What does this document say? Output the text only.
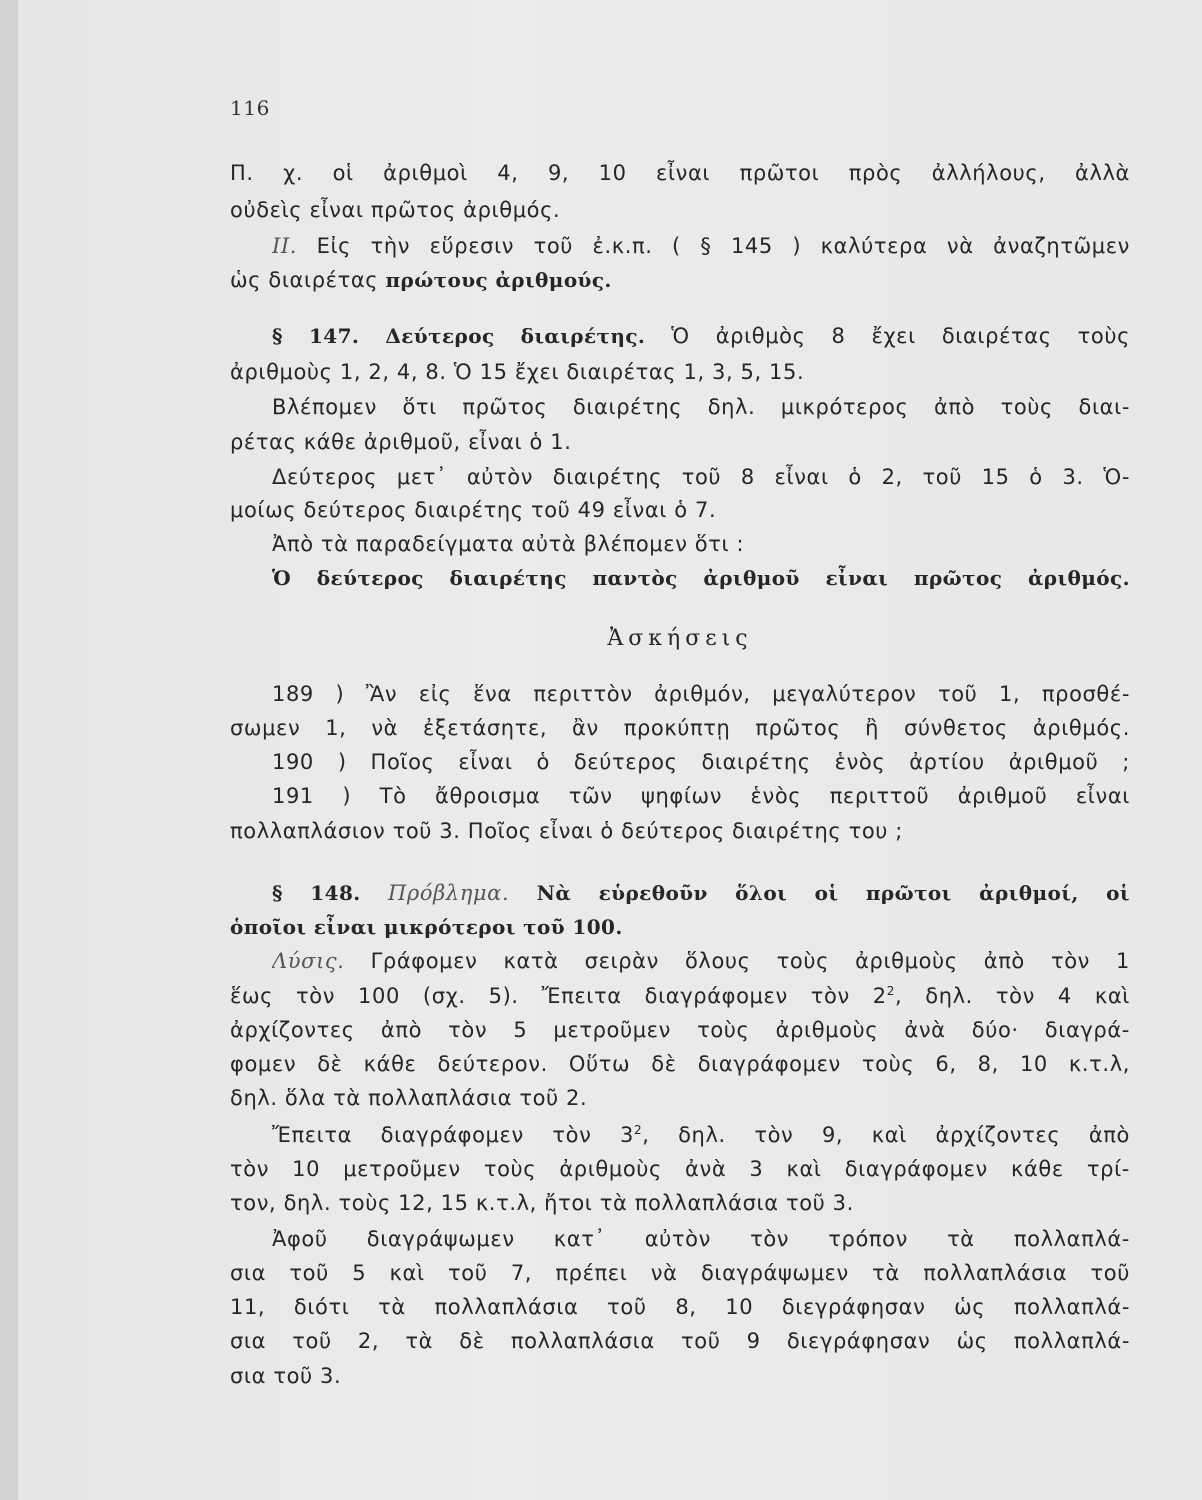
116
Π. χ. οἱ ἀριθμοὶ 4, 9, 10 εἶναι πρῶτοι πρὸς ἀλλήλους, ἀλλὰ
οὐδεὶς εἶναι πρῶτος ἀριθμός.
ΙΙ. Εἰς τὴν εὕρεσιν τοῦ ἐ.κ.π. ( § 145 ) καλύτερα νὰ ἀναζητῶμεν
ὡς διαιρέτας πρώτους ἀριθμούς.
§ 147. Δεύτερος διαιρέτης. Ὁ ἀριθμὸς 8 ἔχει διαιρέτας τοὺς
ἀριθμοὺς 1, 2, 4, 8. Ὁ 15 ἔχει διαιρέτας 1, 3, 5, 15.
Βλέπομεν ὅτι πρῶτος διαιρέτης δηλ. μικρότερος ἀπὸ τοὺς διαι-
ρέτας κάθε ἀριθμοῦ, εἶναι ὁ 1.
Δεύτερος μετ᾽ αὐτὸν διαιρέτης τοῦ 8 εἶναι ὁ 2, τοῦ 15 ὁ 3. Ὁ-
μοίως δεύτερος διαιρέτης τοῦ 49 εἶναι ὁ 7.
Ἀπὸ τὰ παραδείγματα αὐτὰ βλέπομεν ὅτι :
Ὁ δεύτερος διαιρέτης παντὸς ἀριθμοῦ εἶναι πρῶτος ἀριθμός.
Ἀσκήσεις
189 ) Ἂν εἰς ἕνα περιττὸν ἀριθμόν, μεγαλύτερον τοῦ 1, προσθέ-
σωμεν 1, νὰ ἐξετάσητε, ἂν προκύπτῃ πρῶτος ἢ σύνθετος ἀριθμός.
190 ) Ποῖος εἶναι ὁ δεύτερος διαιρέτης ἑνὸς ἀρτίου ἀριθμοῦ ;
191 ) Τὸ ἄθροισμα τῶν ψηφίων ἑνὸς περιττοῦ ἀριθμοῦ εἶναι
πολλαπλάσιον τοῦ 3. Ποῖος εἶναι ὁ δεύτερος διαιρέτης του ;
§ 148. Πρόβλημα. Νὰ εὑρεθοῦν ὅλοι οἱ πρῶτοι ἀριθμοί, οἱ
ὁποῖοι εἶναι μικρότεροι τοῦ 100.
Λύσις. Γράφομεν κατὰ σειρὰν ὅλους τοὺς ἀριθμοὺς ἀπὸ τὸν 1
ἕως τὸν 100 (σχ. 5). Ἔπειτα διαγράφομεν τὸν $2^2$, δηλ. τὸν 4 καὶ
ἀρχίζοντες ἀπὸ τὸν 5 μετροῦμεν τοὺς ἀριθμοὺς ἀνὰ δύο· διαγρά-
φομεν δὲ κάθε δεύτερον. Οὕτω δὲ διαγράφομεν τοὺς 6, 8, 10 κ.τ.λ,
δηλ. ὅλα τὰ πολλαπλάσια τοῦ 2.
Ἔπειτα διαγράφομεν τὸν $3^2$, δηλ. τὸν 9, καὶ ἀρχίζοντες ἀπὸ
τὸν 10 μετροῦμεν τοὺς ἀριθμοὺς ἀνὰ 3 καὶ διαγράφομεν κάθε τρί-
τον, δηλ. τοὺς 12, 15 κ.τ.λ, ἤτοι τὰ πολλαπλάσια τοῦ 3.
Ἀφοῦ διαγράψωμεν κατ᾽ αὐτὸν τὸν τρόπον τὰ πολλαπλά-
σια τοῦ 5 καὶ τοῦ 7, πρέπει νὰ διαγράψωμεν τὰ πολλαπλάσια τοῦ
11, διότι τὰ πολλαπλάσια τοῦ 8, 10 διεγράφησαν ὡς πολλαπλά-
σια τοῦ 2, τὰ δὲ πολλαπλάσια τοῦ 9 διεγράφησαν ὡς πολλαπλά-
σια τοῦ 3.
